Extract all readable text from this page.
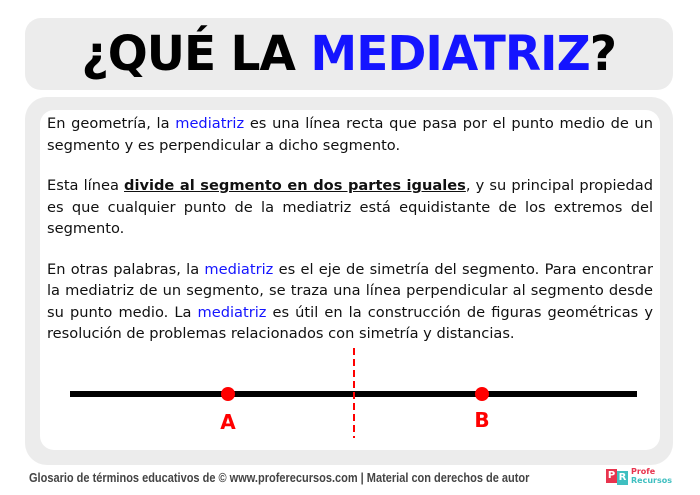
¿QUÉ LA MEDIATRIZ?

En geometría, la mediatriz es una línea recta que pasa por el punto medio de un segmento y es perpendicular a dicho segmento.

Esta línea divide al segmento en dos partes iguales, y su principal propiedad es que cualquier punto de la mediatriz está equidistante de los extremos del segmento.

En otras palabras, la mediatriz es el eje de simetría del segmento. Para encontrar la mediatriz de un segmento, se traza una línea perpendicular al segmento desde su punto medio. La mediatriz es útil en la construcción de figuras geométricas y resolución de problemas relacionados con simetría y distancias.

A	B
Glosario de términos educativos de © www.proferecursos.com | Material con derechos de autor	P R
Profe
Recursos
